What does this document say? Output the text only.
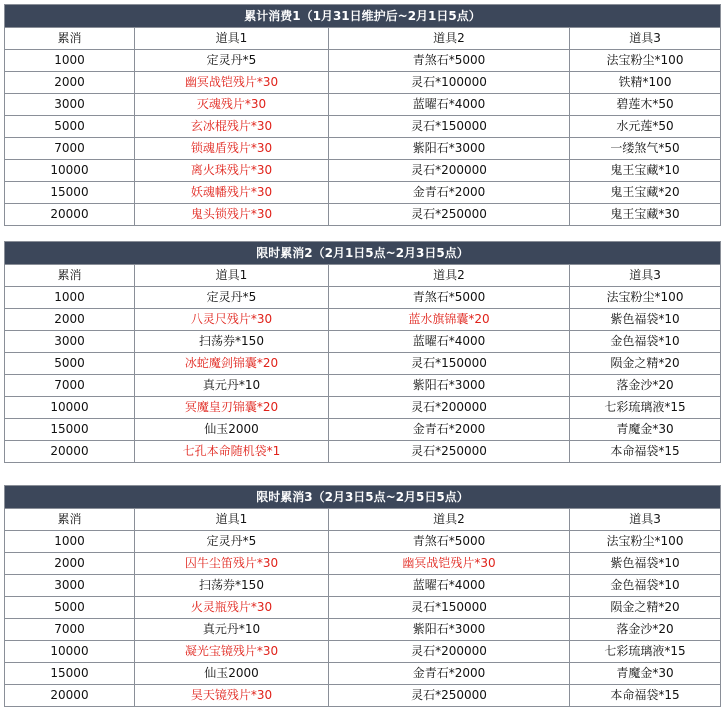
累计消费1（1月31日维护后~2月1日5点）			
累消	道具1	道具2	道具3
1000	定灵丹*5	青煞石*5000	法宝粉尘*100
2000	幽冥战铠残片*30	灵石*100000	铁精*100
3000	灭魂残片*30	蓝曜石*4000	碧莲木*50
5000	玄冰棍残片*30	灵石*150000	水元莲*50
7000	锁魂盾残片*30	紫阳石*3000	一缕煞气*50
10000	离火珠残片*30	灵石*200000	鬼王宝藏*10
15000	妖魂幡残片*30	金青石*2000	鬼王宝藏*20
20000	鬼头锁残片*30	灵石*250000	鬼王宝藏*30
限时累消2（2月1日5点~2月3日5点）			
累消	道具1	道具2	道具3
1000	定灵丹*5	青煞石*5000	法宝粉尘*100
2000	八灵尺残片*30	蓝水旗锦囊*20	紫色福袋*10
3000	扫荡券*150	蓝曜石*4000	金色福袋*10
5000	冰蛇魔剑锦囊*20	灵石*150000	陨金之精*20
7000	真元丹*10	紫阳石*3000	落金沙*20
10000	冥魔皇刃锦囊*20	灵石*200000	七彩琉璃液*15
15000	仙玉2000	金青石*2000	青魔金*30
20000	七孔本命随机袋*1	灵石*250000	本命福袋*15
限时累消3（2月3日5点~2月5日5点）			
累消	道具1	道具2	道具3
1000	定灵丹*5	青煞石*5000	法宝粉尘*100
2000	囚牛尘笛残片*30	幽冥战铠残片*30	紫色福袋*10
3000	扫荡券*150	蓝曜石*4000	金色福袋*10
5000	火灵瓶残片*30	灵石*150000	陨金之精*20
7000	真元丹*10	紫阳石*3000	落金沙*20
10000	凝光宝镜残片*30	灵石*200000	七彩琉璃液*15
15000	仙玉2000	金青石*2000	青魔金*30
20000	昊天镜残片*30	灵石*250000	本命福袋*15
